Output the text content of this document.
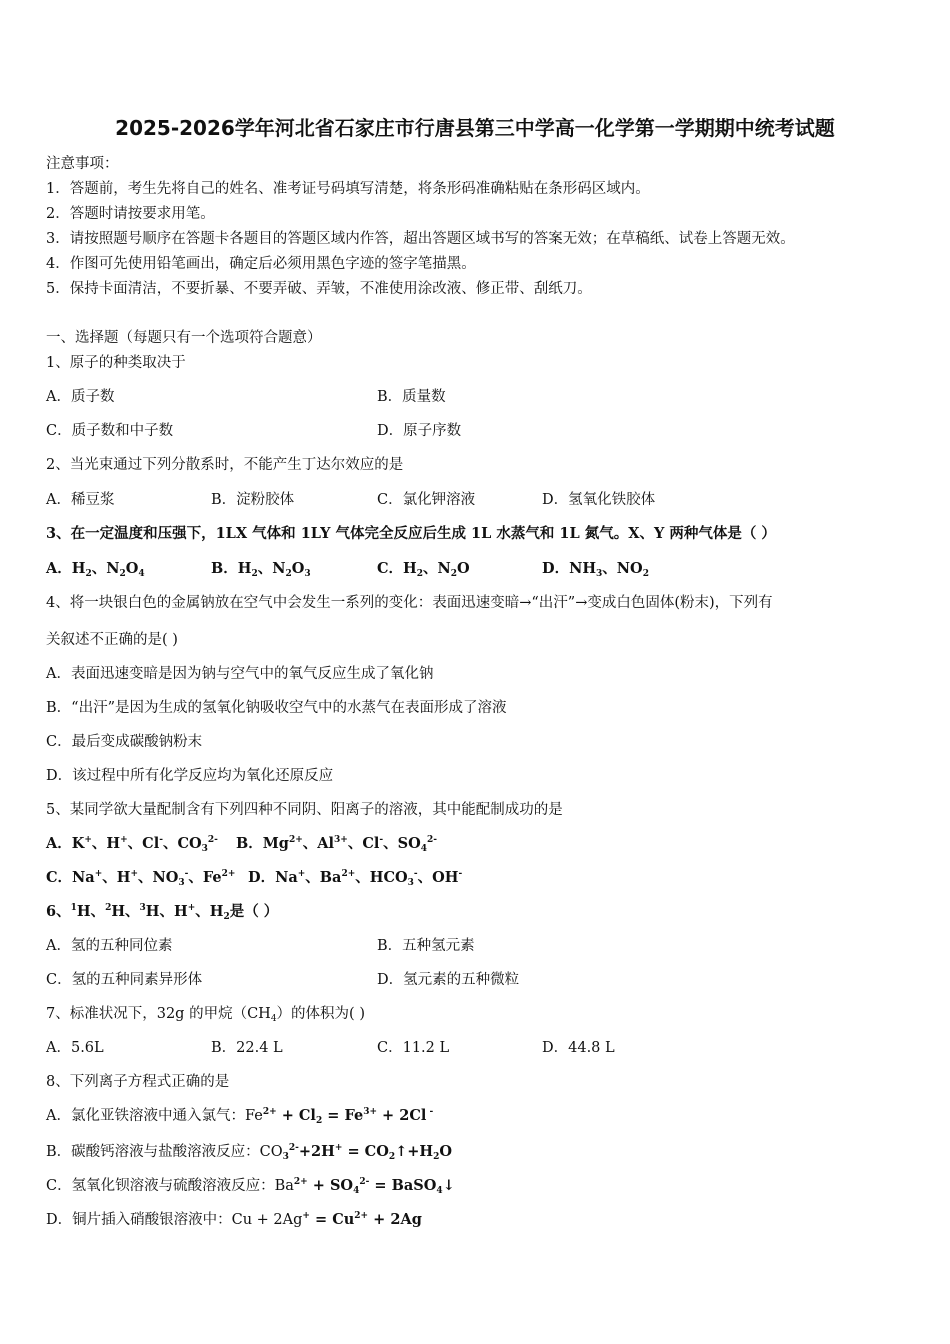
2025-2026学年河北省石家庄市行唐县第三中学高一化学第一学期期中统考试题
注意事项：
1．答题前，考生先将自己的姓名、准考证号码填写清楚，将条形码准确粘贴在条形码区域内。
2．答题时请按要求用笔。
3．请按照题号顺序在答题卡各题目的答题区域内作答，超出答题区域书写的答案无效；在草稿纸、试卷上答题无效。
4．作图可先使用铅笔画出，确定后必须用黑色字迹的签字笔描黑。
5．保持卡面清洁，不要折暴、不要弄破、弄皱，不准使用涂改液、修正带、刮纸刀。
一、选择题（每题只有一个选项符合题意）
1、原子的种类取决于
A．质子数	B．质量数
C．质子数和中子数	D．原子序数
2、当光束通过下列分散系时，不能产生丁达尔效应的是
A．稀豆浆	B．淀粉胶体	C．氯化钾溶液	D．氢氧化铁胶体
3、在一定温度和压强下，1LX 气体和 1LY 气体完全反应后生成 1L 水蒸气和 1L 氮气。X、Y 两种气体是（ ）
A．$H_2$、$N_2O_4$	B．$H_2$、$N_2O_3$	C．$H_2$、$N_2O$	D．$NH_3$、$NO_2$
4、将一块银白色的金属钠放在空气中会发生一系列的变化：表面迅速变暗→“出汗”→变成白色固体(粉末)，下列有
关叙述不正确的是( )
A．表面迅速变暗是因为钠与空气中的氧气反应生成了氧化钠
B．“出汗”是因为生成的氢氧化钠吸收空气中的水蒸气在表面形成了溶液
C．最后变成碳酸钠粉末
D．该过程中所有化学反应均为氧化还原反应
5、某同学欲大量配制含有下列四种不同阴、阳离子的溶液，其中能配制成功的是
A．K+、H+、Cl-、$CO_3^{2-}$ B．$Mg^{2+}$、$Al^{3+}$、Cl-、$SO_4^{2-}$
C．Na+、H+、$NO_3^-$、$Fe^{2+}$ D．Na+、$Ba^{2+}$、$HCO_3^-$、OH-
6、$^1$H、$^2$H、$^3$H、H+、$H_2$是（ ）
A．氢的五种同位素	B．五种氢元素
C．氢的五种同素异形体	D．氢元素的五种微粒
7、标准状况下，32g 的甲烷$(CH_4)$的体积为( )
A．5.6L	B．22.4 L	C．11.2 L	D．44.8 L
8、下列离子方程式正确的是
A．氯化亚铁溶液中通入氯气：$Fe^{2+} + Cl_2 = Fe^{3+} + 2Cl$ -
B．碳酸钙溶液与盐酸溶液反应：$CO_3^{2-}+2H^+$ = $CO_2↑+H_2O$
C．氢氧化钡溶液与硫酸溶液反应：$Ba^{2+} + SO_4^{2-}$ = BaSO$_4$↓
D．铜片插入硝酸银溶液中：$Cu + 2Ag^+ = Cu^{2+} + 2Ag$
